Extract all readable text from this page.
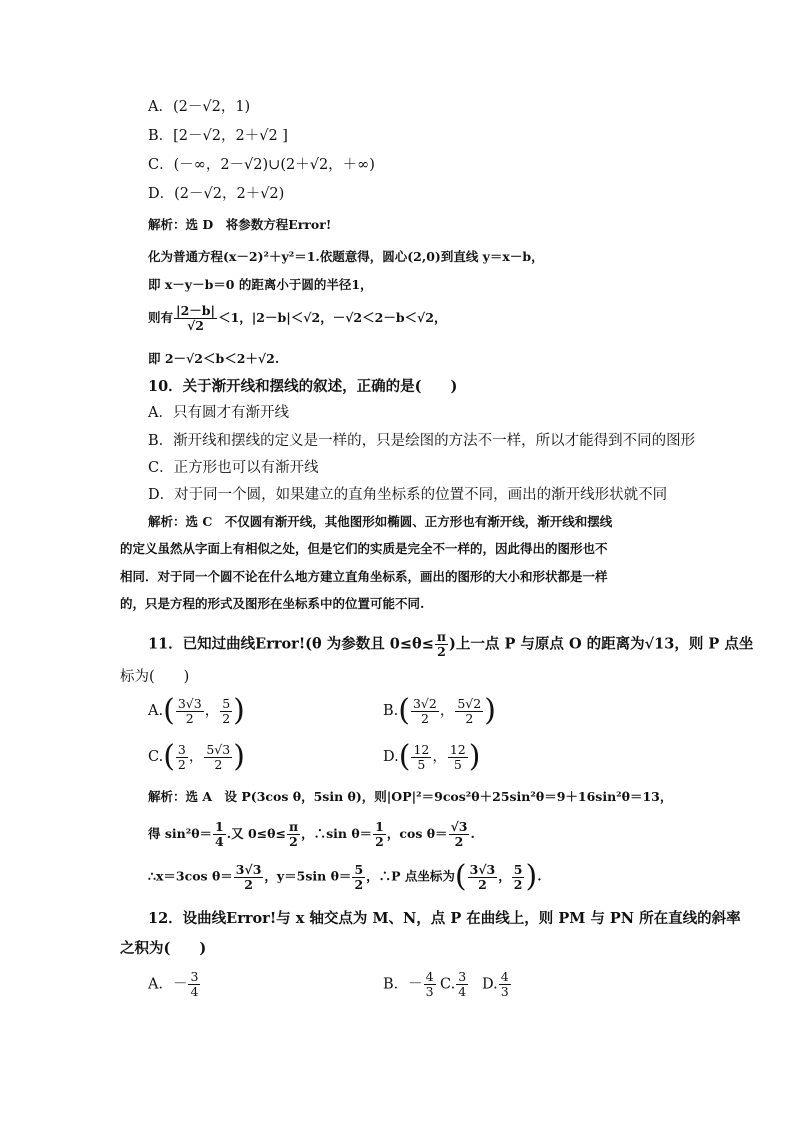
A．(2－√2，1)
B．[2－√2，2＋√2 ]
C．(－∞，2－√2)∪(2＋√2，＋∞)
D．(2－√2，2＋√2)
解析：选 D　将参数方程Error!
化为普通方程(x－2)²＋y²＝1.依题意得，圆心(2,0)到直线 y＝x－b，
即 x－y－b＝0 的距离小于圆的半径1，
则有 $\frac{|2-b|}{√2} <1$，|2－b|＜√2，－√2＜2－b＜√2，
即 2－√2＜b＜2＋√2.
10．关于渐开线和摆线的叙述，正确的是(　　)
A．只有圆才有渐开线
B．渐开线和摆线的定义是一样的，只是绘图的方法不一样，所以才能得到不同的图形
C．正方形也可以有渐开线
D．对于同一个圆，如果建立的直角坐标系的位置不同，画出的渐开线形状就不同
解析：选 C　不仅圆有渐开线，其他图形如椭圆、正方形也有渐开线，渐开线和摆线
的定义虽然从字面上有相似之处，但是它们的实质是完全不一样的，因此得出的图形也不
相同．对于同一个圆不论在什么地方建立直角坐标系，画出的图形的大小和形状都是一样
的，只是方程的形式及图形在坐标系中的位置可能不同.
11．已知过曲线Error!(θ 为参数且 $0\le\theta\le \frac{\pi}{2}$ )上一点 P 与原点 O 的距离为√13，则 P 点坐
标为(　　)
$A.( \frac{3√3}{2}$ ， $\frac{5}{2}$ )	$B.( \frac{3√2}{2}$ ， $\frac{5√2}{2}$ )
$C.( \frac{3}{2}$ ， $\frac{5√3}{2}$ )	$D.( \frac{12}{5}$ ， $\frac{12}{5}$ )
解析：选 A　设 P(3cos θ，5sin θ)，则|OP|²＝9cos²θ＋25sin²θ＝9＋16sin²θ＝13，
得 $\sin^2\theta= \frac{1}{4}$ .又 $0\le\theta\le \frac{\pi}{2}$ ，∴sin $\theta= \frac{1}{2}$ ，$\cos \theta= \frac{√3}{2}$ .
∴x＝3cos $\theta= \frac{3√3}{2}$ ，y＝5sin $\theta= \frac{5}{2}$ ，∴P 点坐标为( $\frac{3√3}{2}$ ， $\frac{5}{2}$ ).
12．设曲线Error!与 x 轴交点为 M、N，点 P 在曲线上，则 PM 与 PN 所在直线的斜率
之积为(　　)
A．－ $\frac{3}{4}$	B．－ $\frac{4}{3} C$. $\frac{3}{4} D$. $\frac{4}{3}$
